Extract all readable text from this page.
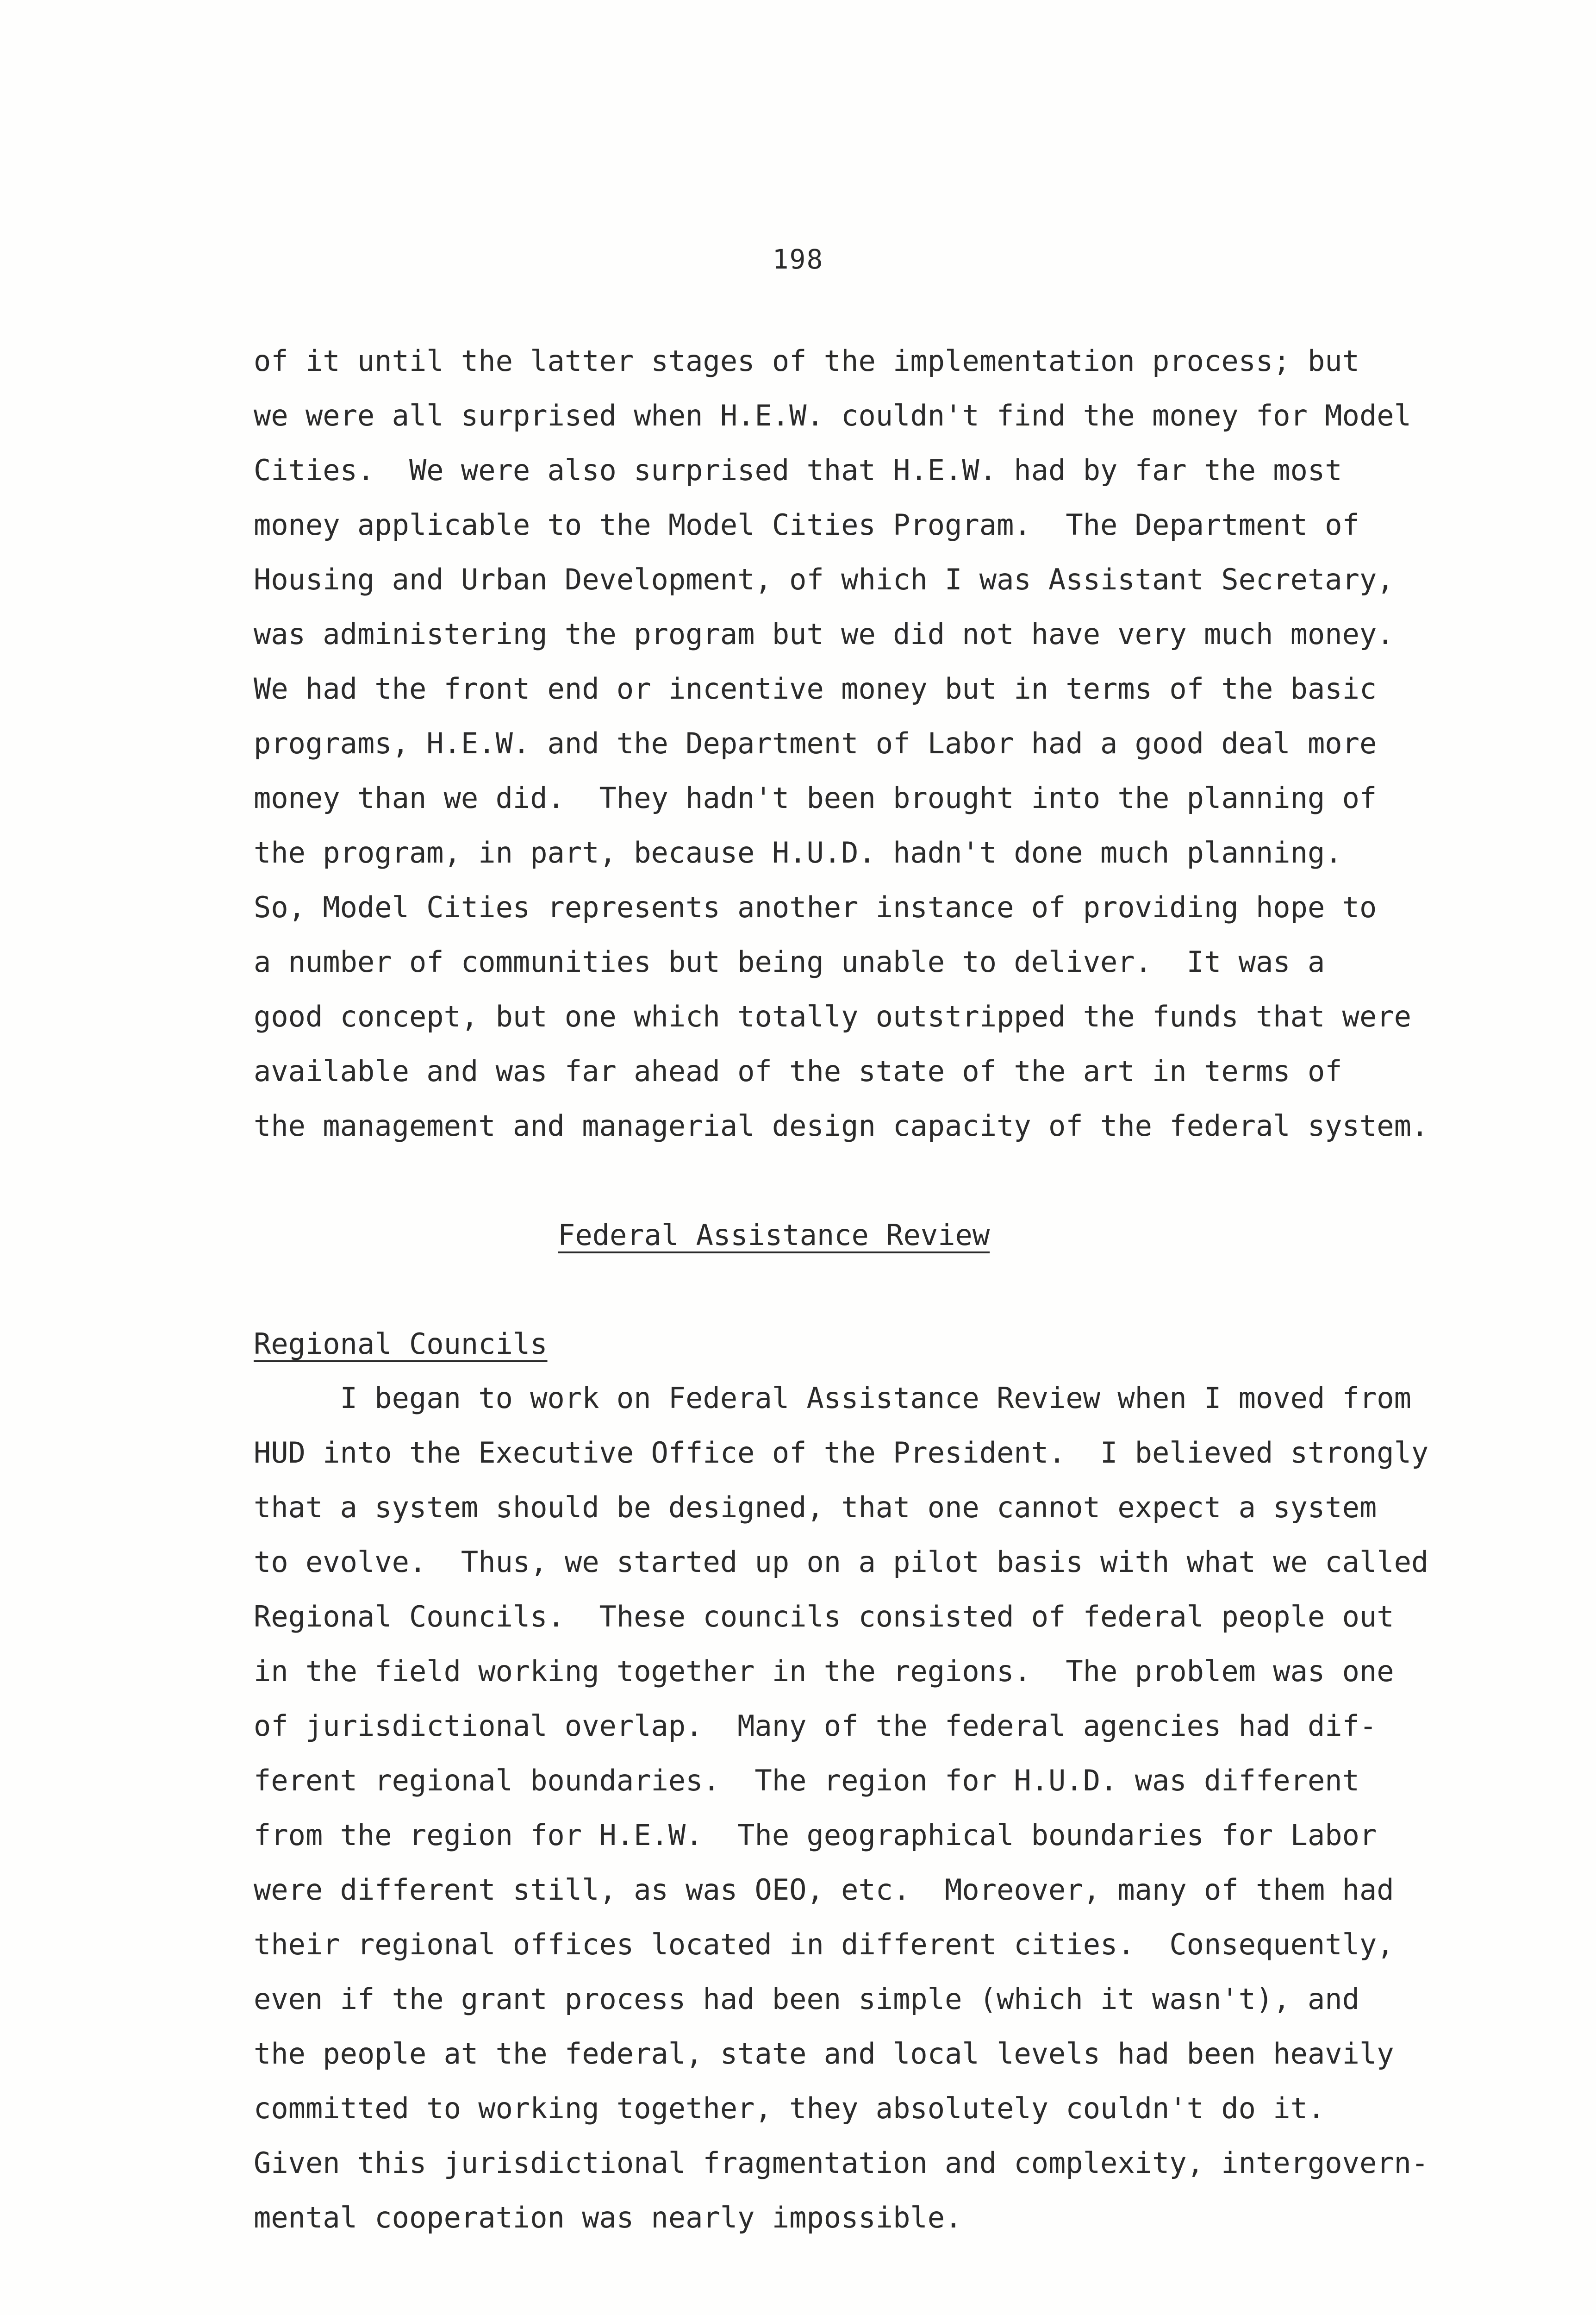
198
of it until the latter stages of the implementation process; but
we were all surprised when H.E.W. couldn't find the money for Model
Cities.  We were also surprised that H.E.W. had by far the most
money applicable to the Model Cities Program.  The Department of
Housing and Urban Development, of which I was Assistant Secretary,
was administering the program but we did not have very much money.
We had the front end or incentive money but in terms of the basic
programs, H.E.W. and the Department of Labor had a good deal more
money than we did.  They hadn't been brought into the planning of
the program, in part, because H.U.D. hadn't done much planning.
So, Model Cities represents another instance of providing hope to
a number of communities but being unable to deliver.  It was a
good concept, but one which totally outstripped the funds that were
available and was far ahead of the state of the art in terms of
the management and managerial design capacity of the federal system.
Federal Assistance Review
Regional Councils
I began to work on Federal Assistance Review when I moved from
HUD into the Executive Office of the President.  I believed strongly
that a system should be designed, that one cannot expect a system
to evolve.  Thus, we started up on a pilot basis with what we called
Regional Councils.  These councils consisted of federal people out
in the field working together in the regions.  The problem was one
of jurisdictional overlap.  Many of the federal agencies had dif-
ferent regional boundaries.  The region for H.U.D. was different
from the region for H.E.W.  The geographical boundaries for Labor
were different still, as was OEO, etc.  Moreover, many of them had
their regional offices located in different cities.  Consequently,
even if the grant process had been simple (which it wasn't), and
the people at the federal, state and local levels had been heavily
committed to working together, they absolutely couldn't do it.
Given this jurisdictional fragmentation and complexity, intergovern-
mental cooperation was nearly impossible.
